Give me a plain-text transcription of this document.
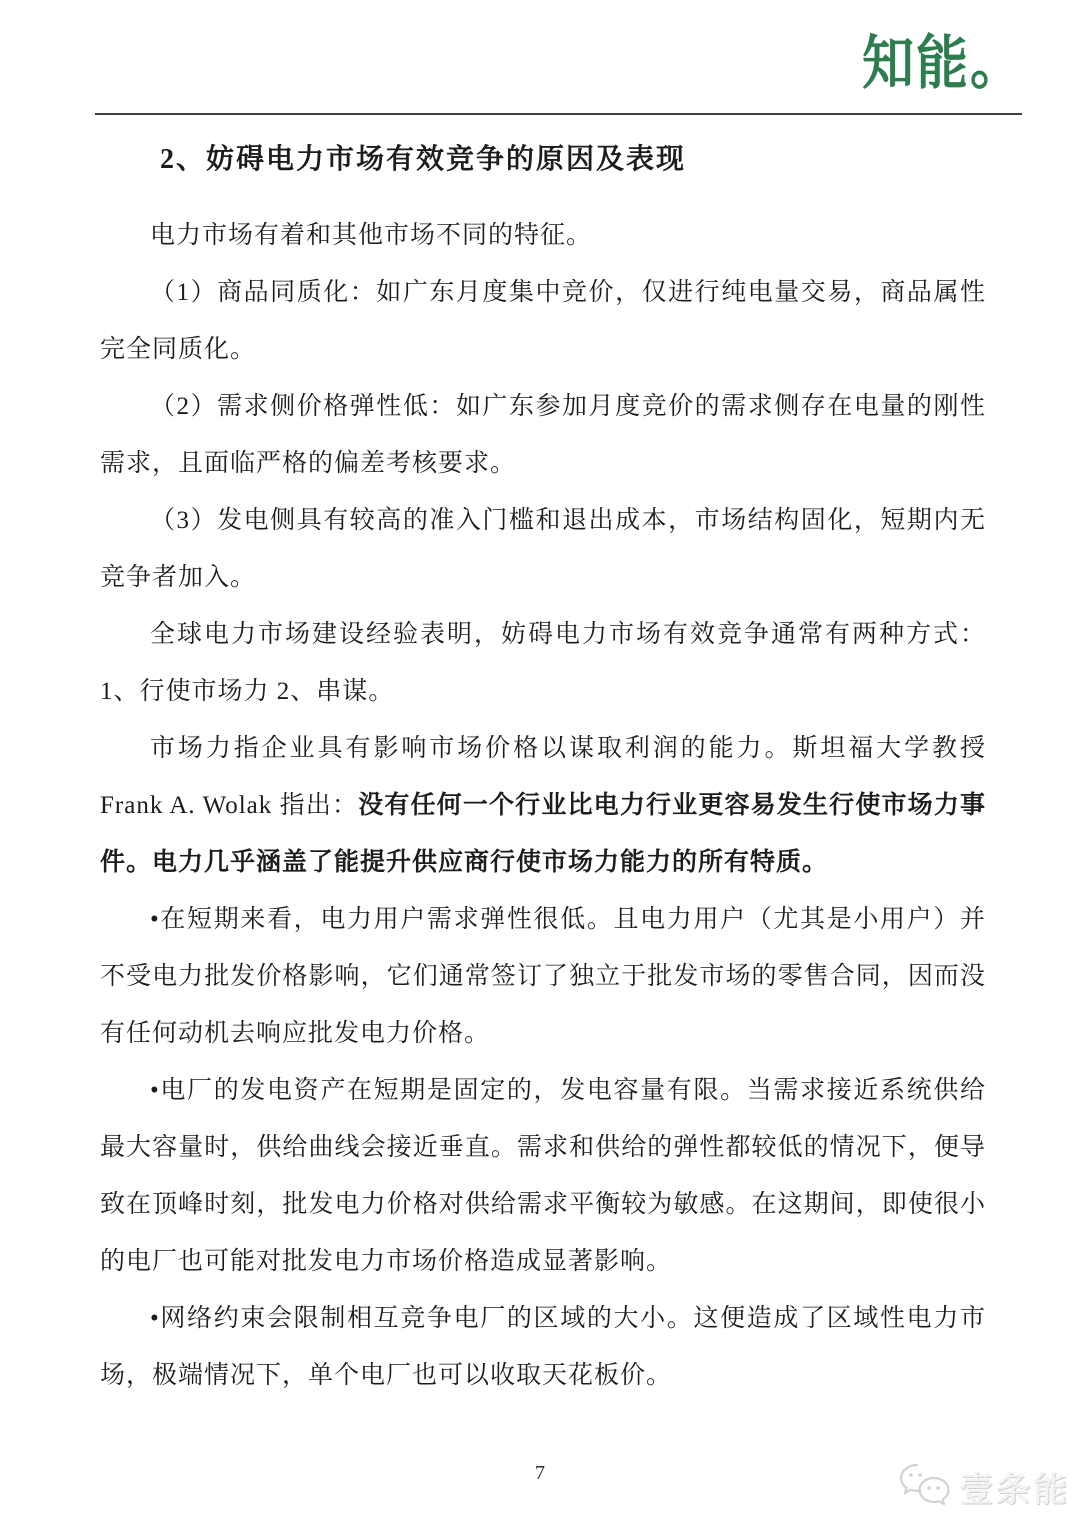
知能。
2、妨碍电力市场有效竞争的原因及表现

电力市场有着和其他市场不同的特征。

（1）商品同质化：如广东月度集中竞价，仅进行纯电量交易，商品属性完全同质化。

（2）需求侧价格弹性低：如广东参加月度竞价的需求侧存在电量的刚性需求，且面临严格的偏差考核要求。

（3）发电侧具有较高的准入门槛和退出成本，市场结构固化，短期内无竞争者加入。

全球电力市场建设经验表明，妨碍电力市场有效竞争通常有两种方式：1、行使市场力 2、串谋。

市场力指企业具有影响市场价格以谋取利润的能力。斯坦福大学教授Frank A. Wolak 指出：没有任何一个行业比电力行业更容易发生行使市场力事件。电力几乎涵盖了能提升供应商行使市场力能力的所有特质。

•在短期来看，电力用户需求弹性很低。且电力用户（尤其是小用户）并不受电力批发价格影响，它们通常签订了独立于批发市场的零售合同，因而没有任何动机去响应批发电力价格。

•电厂的发电资产在短期是固定的，发电容量有限。当需求接近系统供给最大容量时，供给曲线会接近垂直。需求和供给的弹性都较低的情况下，便导致在顶峰时刻，批发电力价格对供给需求平衡较为敏感。在这期间，即使很小的电厂也可能对批发电力市场价格造成显著影响。

•网络约束会限制相互竞争电厂的区域的大小。这便造成了区域性电力市场，极端情况下，单个电厂也可以收取天花板价。

7	壹条能
